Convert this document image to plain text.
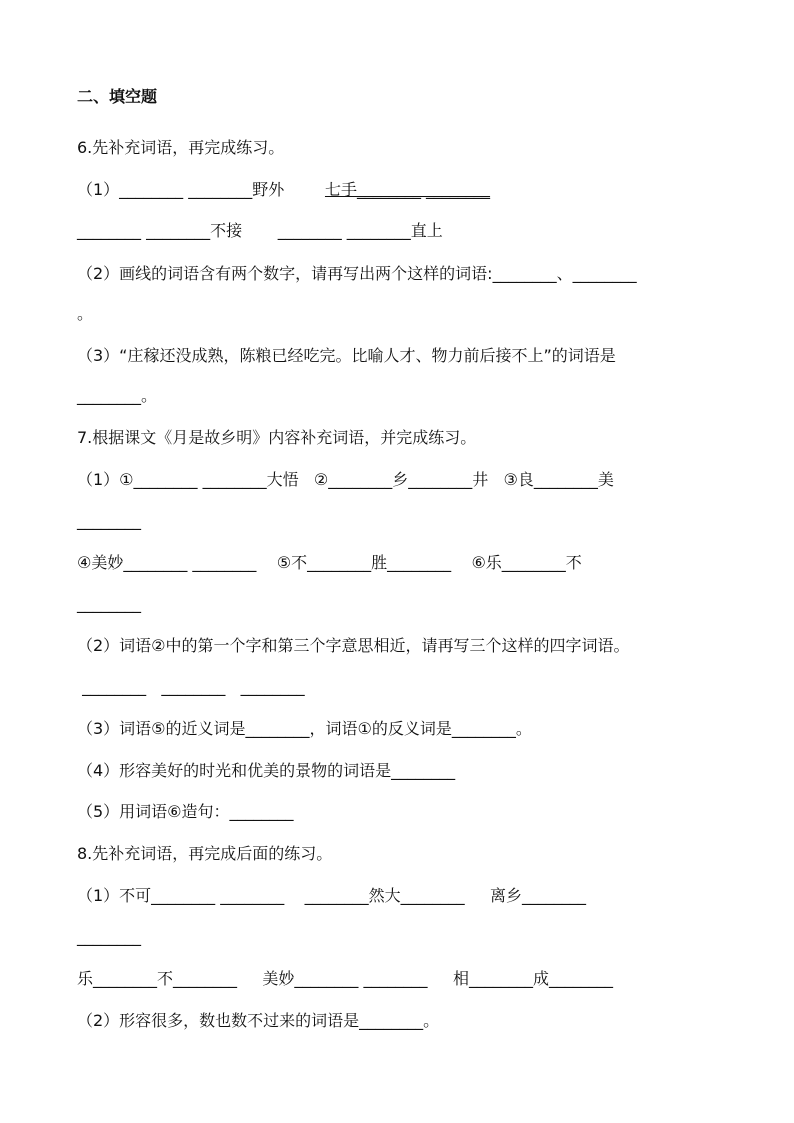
二、填空题
6.先补充词语，再完成练习。
（1）________ ________野外        七手________ ________
________ ________不接       ________ ________直上
（2）画线的词语含有两个数字，请再写出两个这样的词语:________、________
。
（3）“庄稼还没成熟，陈粮已经吃完。比喻人才、物力前后接不上”的词语是
________。
7.根据课文《月是故乡明》内容补充词语，并完成练习。
（1）①________ ________大悟   ②________乡________井   ③良________美
________
④美妙________ ________    ⑤不________胜________    ⑥乐________不
________
（2）词语②中的第一个字和第三个字意思相近，请再写三个这样的四字词语。
________   ________   ________
（3）词语⑤的近义词是________，词语①的反义词是________。
（4）形容美好的时光和优美的景物的词语是________
（5）用词语⑥造句：________
8.先补充词语，再完成后面的练习。
（1）不可________ ________    ________然大________     离乡________
________
乐________不________     美妙________ ________     相________成________
（2）形容很多，数也数不过来的词语是________。
